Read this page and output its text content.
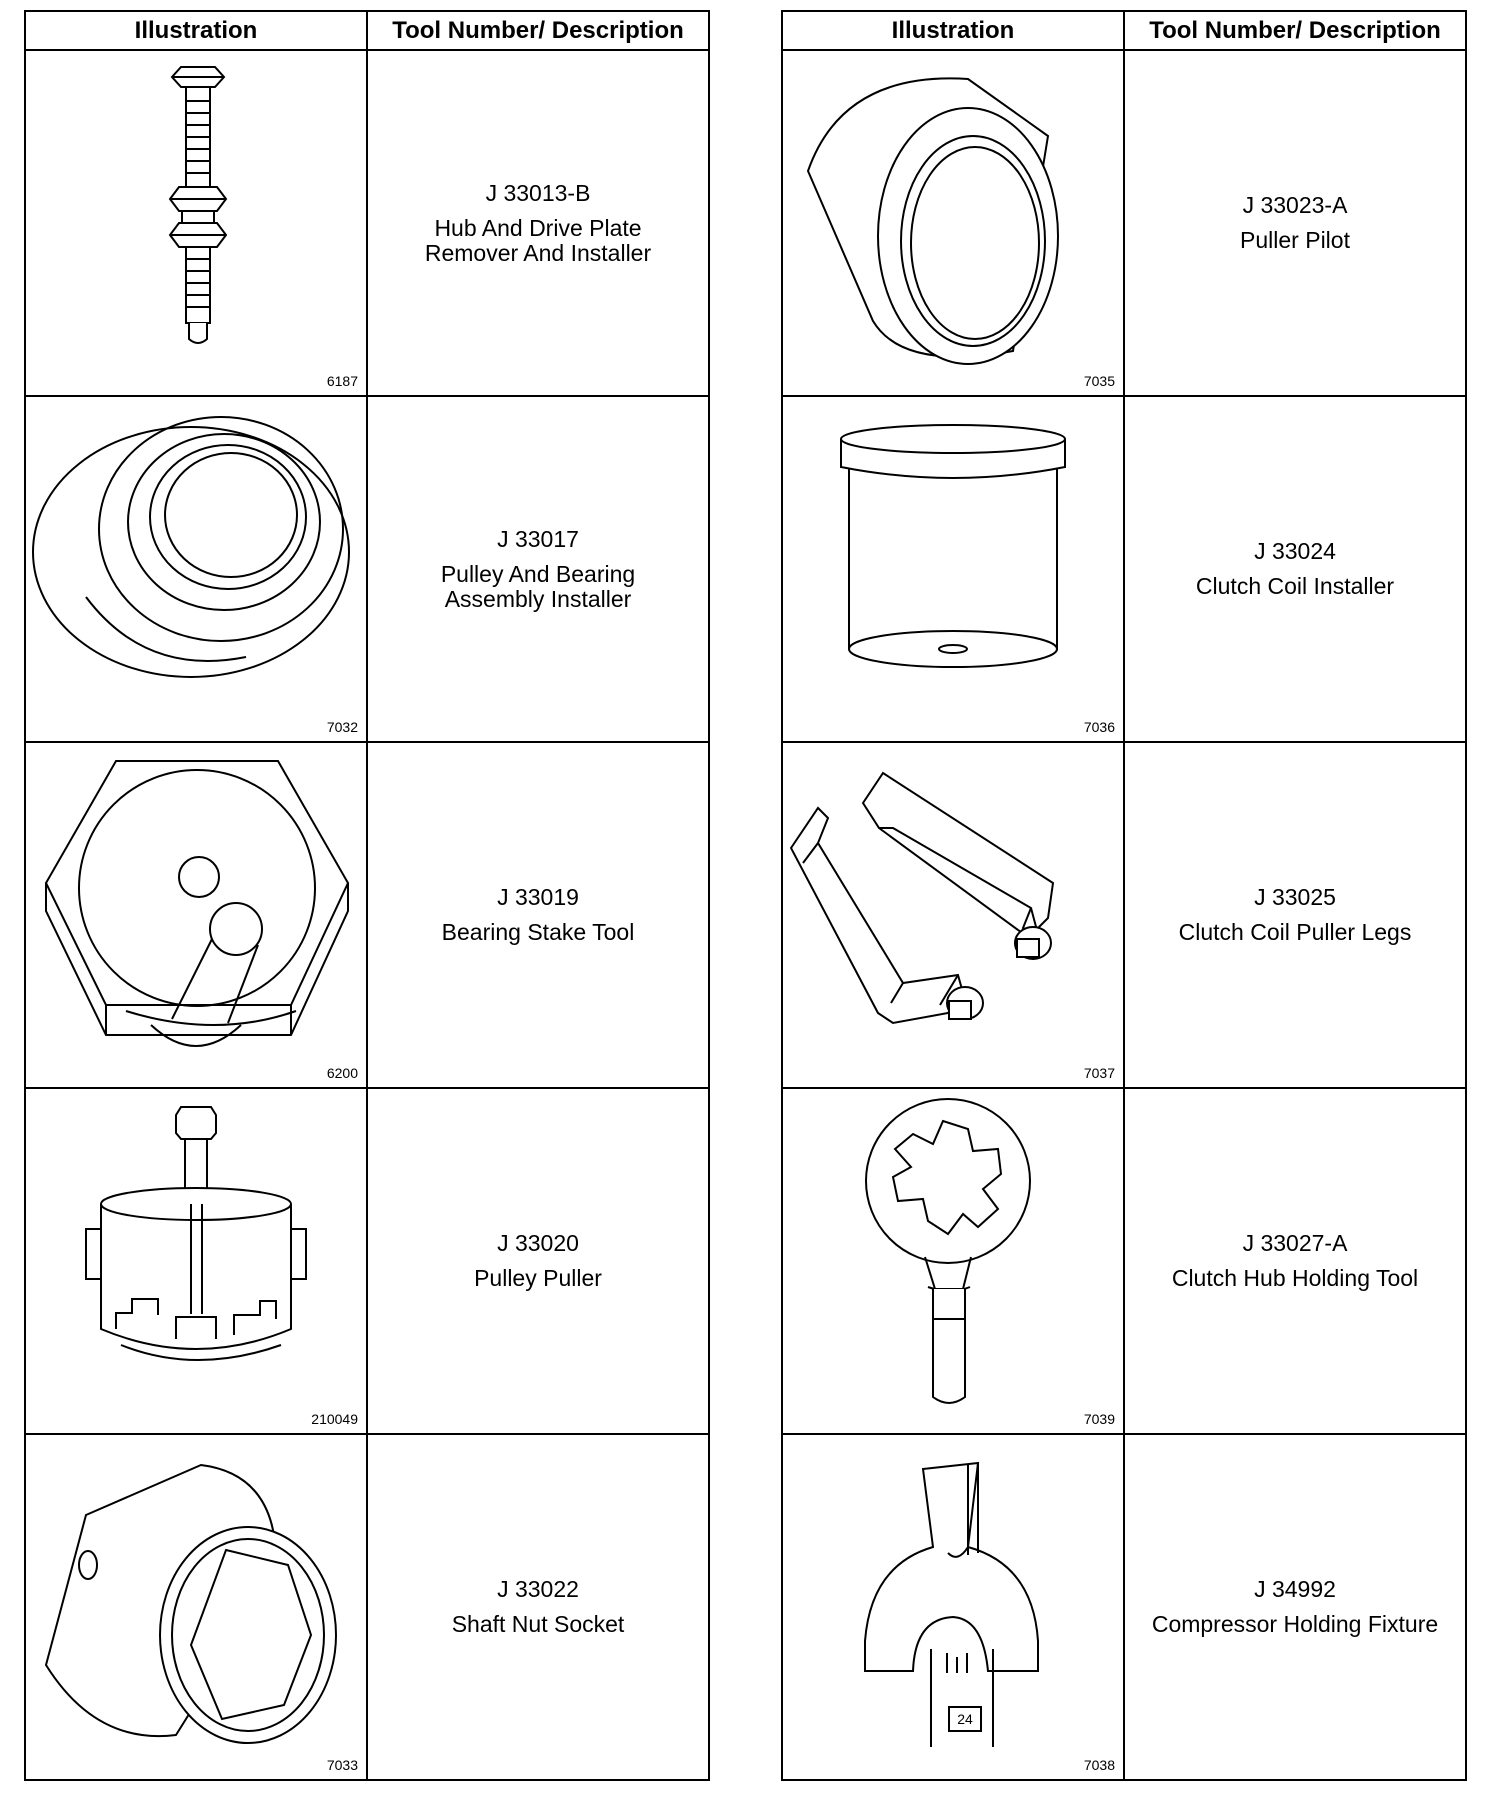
Illustration	Tool Number/ Description

6187	J 33013-B
Hub And Drive Plate
Remover And Installer

7032	J 33017
Pulley And Bearing
Assembly Installer

6200	J 33019
Bearing Stake Tool

210049	J 33020
Pulley Puller

7033	J 33022
Shaft Nut Socket
Illustration	Tool Number/ Description

7035	J 33023-A
Puller Pilot

7036	J 33024
Clutch Coil Installer

7037	J 33025
Clutch Coil Puller Legs

7039	J 33027-A
Clutch Hub Holding Tool

24
7038	J 34992
Compressor Holding Fixture
